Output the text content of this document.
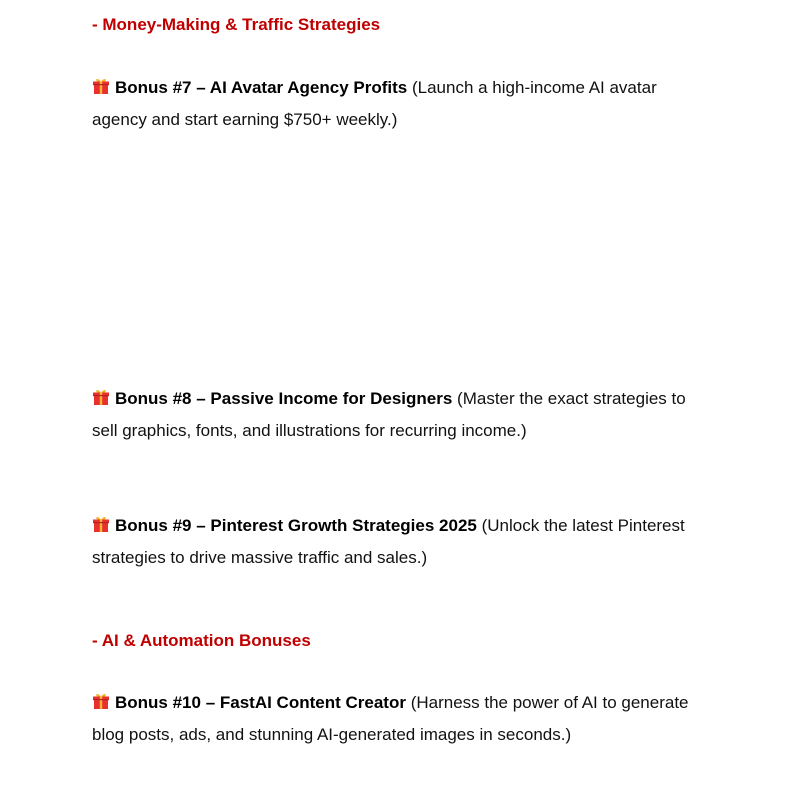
- Money-Making & Traffic Strategies

Bonus #7 – AI Avatar Agency Profits (Launch a high-income AI avatar agency and start earning $750+ weekly.)

Bonus #8 – Passive Income for Designers (Master the exact strategies to sell graphics, fonts, and illustrations for recurring income.)

Bonus #9 – Pinterest Growth Strategies 2025 (Unlock the latest Pinterest strategies to drive massive traffic and sales.)

- AI & Automation Bonuses

Bonus #10 – FastAI Content Creator (Harness the power of AI to generate blog posts, ads, and stunning AI-generated images in seconds.)
